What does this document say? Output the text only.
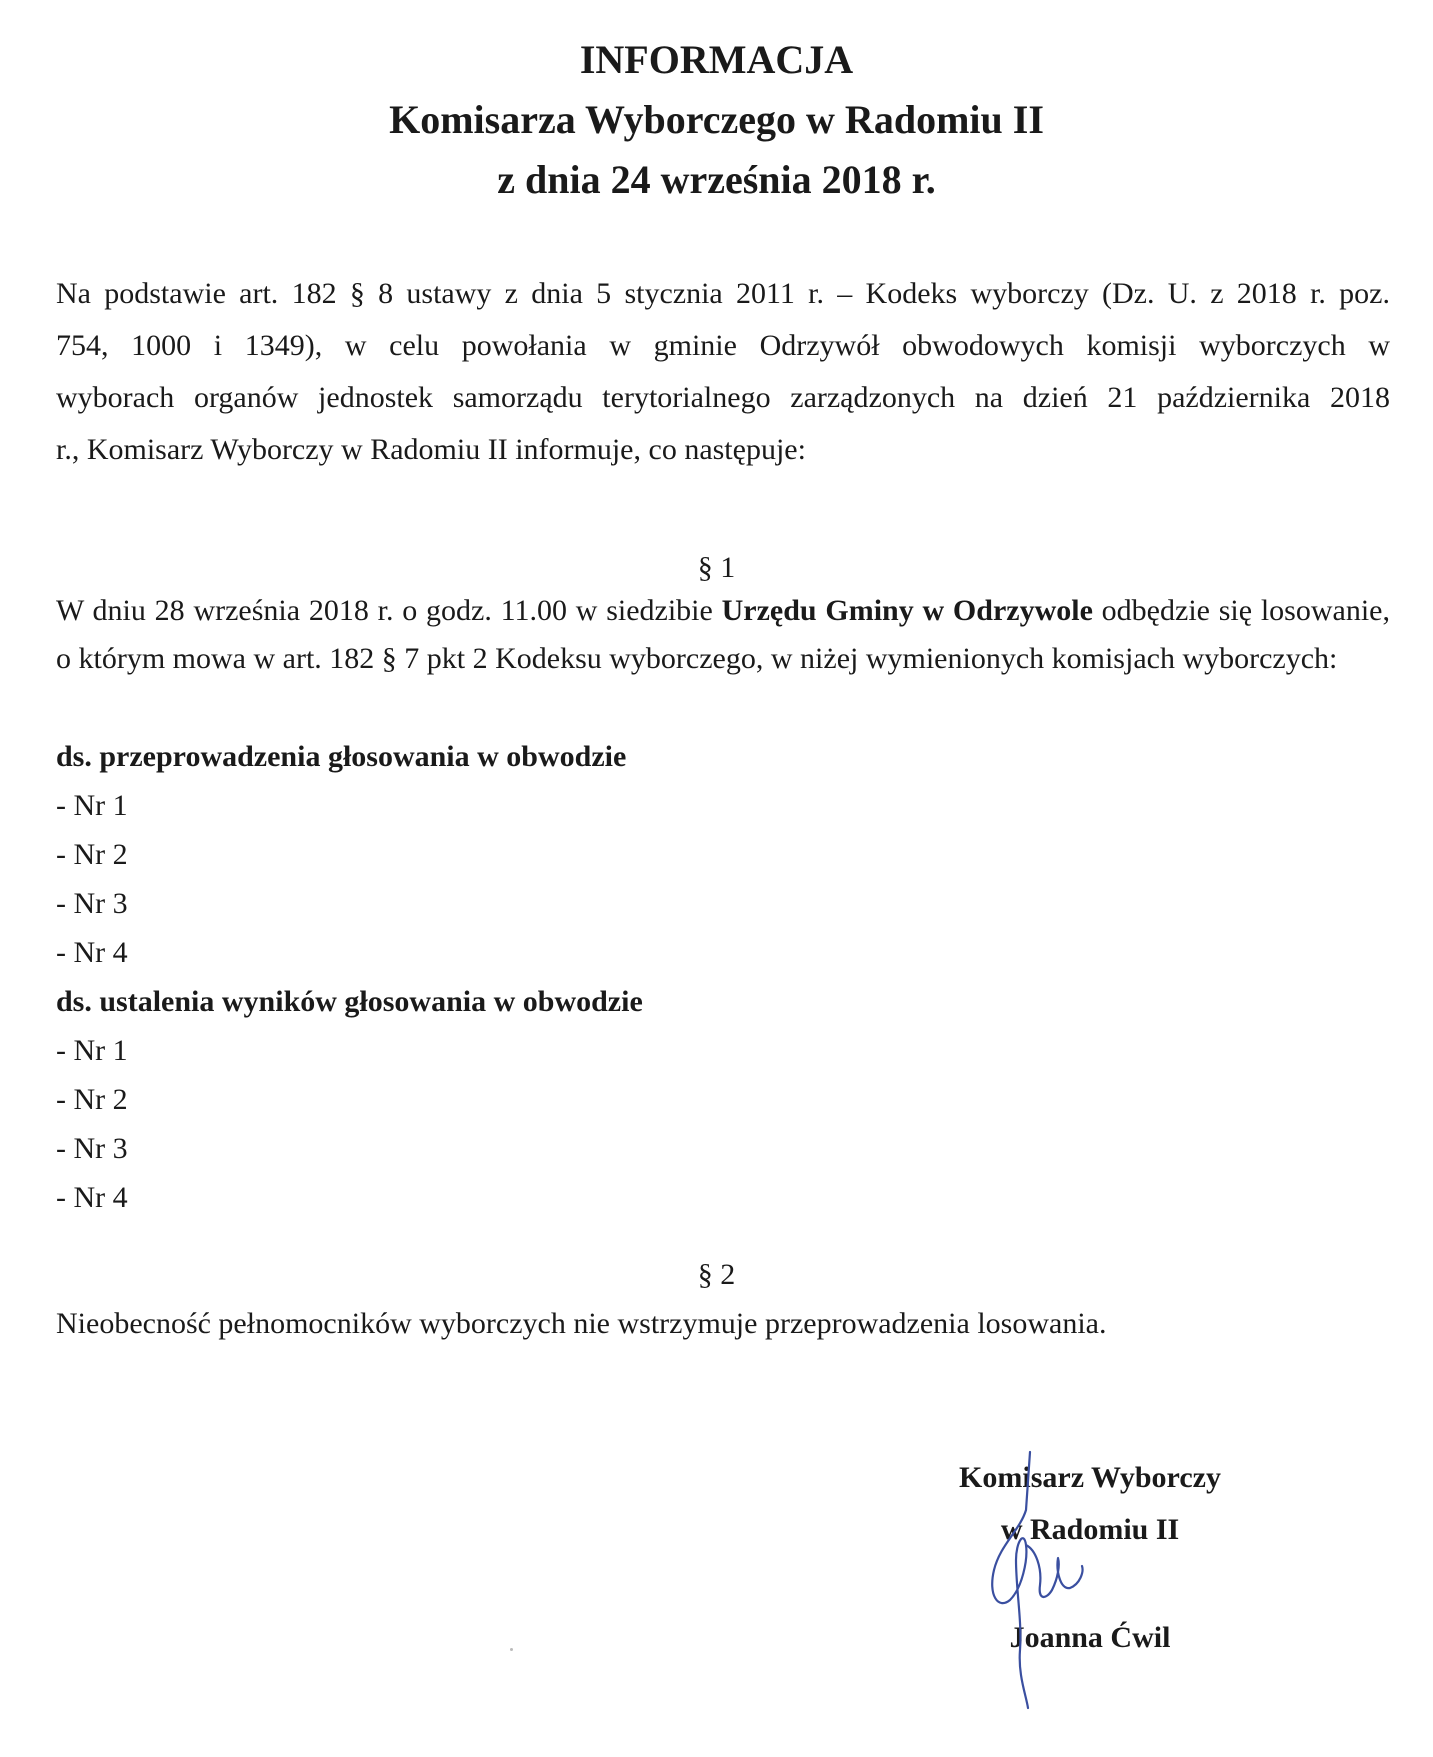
INFORMACJA
Komisarza Wyborczego w Radomiu II
z dnia 24 września 2018 r.
Na podstawie art. 182 § 8 ustawy z dnia 5 stycznia 2011 r. – Kodeks wyborczy (Dz. U. z 2018 r. poz.
754, 1000 i 1349), w celu powołania w gminie Odrzywół obwodowych komisji wyborczych w
wyborach organów jednostek samorządu terytorialnego zarządzonych na dzień 21 października 2018
r., Komisarz Wyborczy w Radomiu II informuje, co następuje:
§ 1
W dniu 28 września 2018 r. o godz. 11.00 w siedzibie Urzędu Gminy w Odrzywole odbędzie się losowanie, o którym mowa w art. 182 § 7 pkt 2 Kodeksu wyborczego, w niżej wymienionych komisjach wyborczych:
ds. przeprowadzenia głosowania w obwodzie
- Nr 1
- Nr 2
- Nr 3
- Nr 4
ds. ustalenia wyników głosowania w obwodzie
- Nr 1
- Nr 2
- Nr 3
- Nr 4
§ 2
Nieobecność pełnomocników wyborczych nie wstrzymuje przeprowadzenia losowania.
Komisarz Wyborczy
w Radomiu II
Joanna Ćwil
